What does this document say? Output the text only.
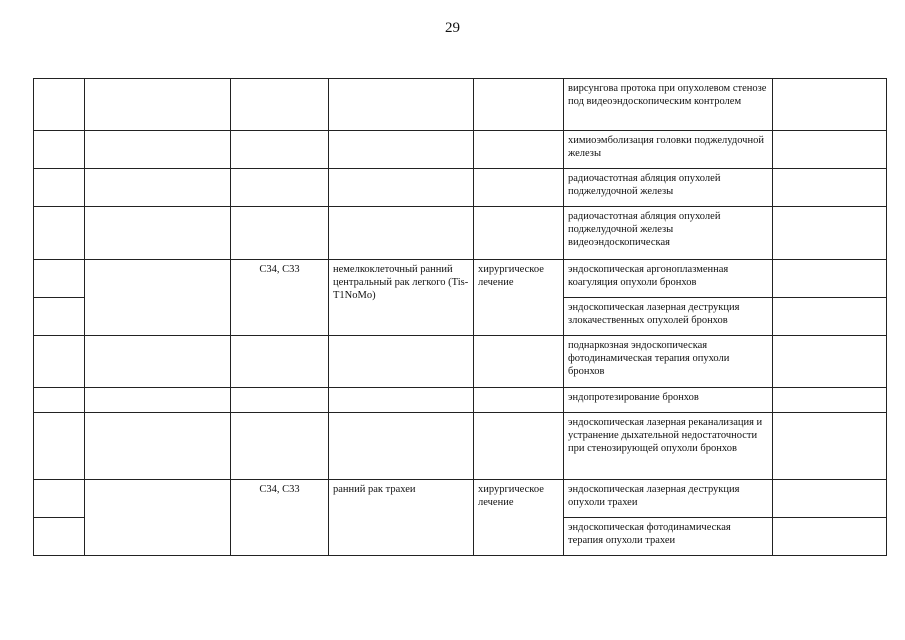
29
					вирсунгова протока при опухолевом стенозе под видеоэндоскопическим контролем	
					химиоэмболизация головки поджелудочной железы	
					радиочастотная абляция опухолей поджелудочной железы	
					радиочастотная абляция опухолей поджелудочной железы видеоэндоскопическая	
		C34, C33	немелкоклеточный ранний центральный рак легкого (Tis-T1NoMo)	хирургическое лечение	эндоскопическая аргоноплазменная коагуляция опухоли бронхов	
					эндоскопическая лазерная деструкция злокачественных опухолей бронхов	
					поднаркозная эндоскопическая фотодинамическая терапия опухоли бронхов	
					эндопротезирование бронхов	
					эндоскопическая лазерная реканализация и устранение дыхательной недостаточности при стенозирующей опухоли бронхов	
		C34, C33	ранний рак трахеи	хирургическое лечение	эндоскопическая лазерная деструкция опухоли трахеи	
					эндоскопическая фотодинамическая терапия опухоли трахеи	
